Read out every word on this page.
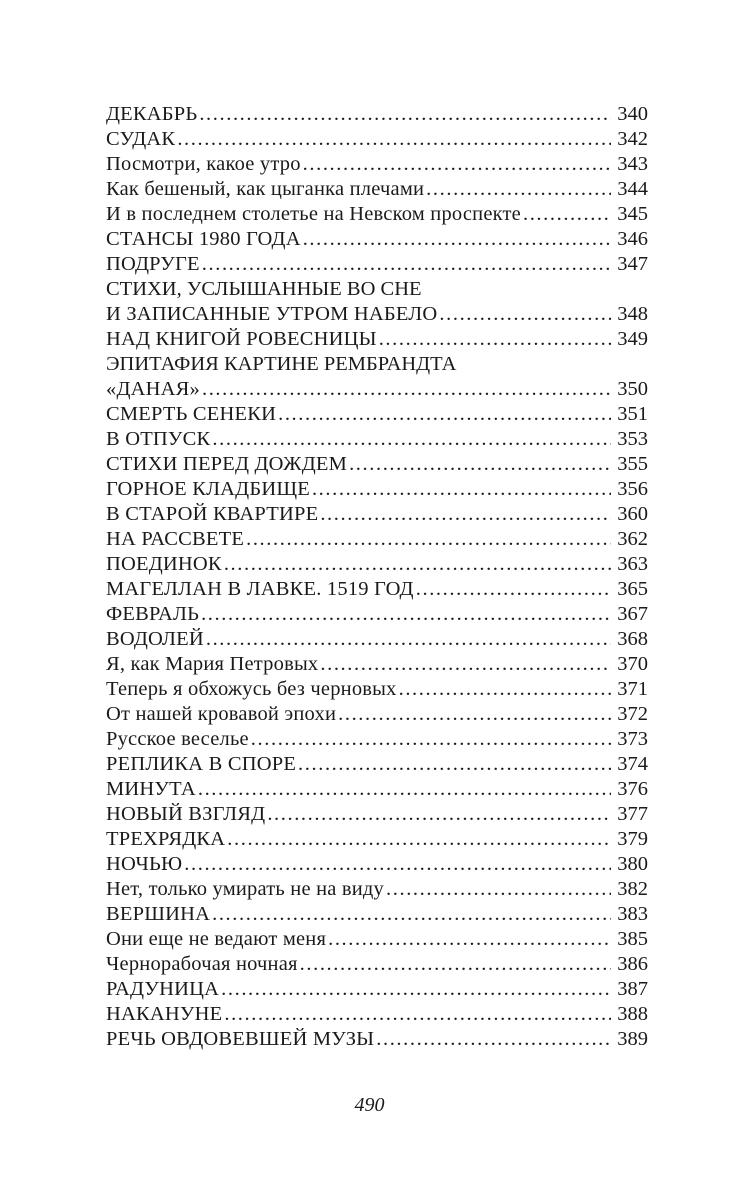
ДЕКАБРЬ .....	340
СУДАК .....	342
Посмотри, какое утро .....	343
Как бешеный, как цыганка плечами .....	344
И в последнем столетье на Невском проспекте .....	345
СТАНСЫ 1980 ГОДА .....	346
ПОДРУГЕ .....	347
СТИХИ, УСЛЫШАННЫЕ ВО СНЕ
И ЗАПИСАННЫЕ УТРОМ НАБЕЛО .....	348
НАД КНИГОЙ РОВЕСНИЦЫ .....	349
ЭПИТАФИЯ КАРТИНЕ РЕМБРАНДТА
«ДАНАЯ» .....	350
СМЕРТЬ СЕНЕКИ .....	351
В ОТПУСК .....	353
СТИХИ ПЕРЕД ДОЖДЕМ .....	355
ГОРНОЕ КЛАДБИЩЕ .....	356
В СТАРОЙ КВАРТИРЕ .....	360
НА РАССВЕТЕ .....	362
ПОЕДИНОК .....	363
МАГЕЛЛАН В ЛАВКЕ. 1519 ГОД .....	365
ФЕВРАЛЬ .....	367
ВОДОЛЕЙ .....	368
Я, как Мария Петровых .....	370
Теперь я обхожусь без черновых .....	371
От нашей кровавой эпохи .....	372
Русское веселье .....	373
РЕПЛИКА В СПОРЕ .....	374
МИНУТА .....	376
НОВЫЙ ВЗГЛЯД .....	377
ТРЕХРЯДКА .....	379
НОЧЬЮ .....	380
Нет, только умирать не на виду .....	382
ВЕРШИНА .....	383
Они еще не ведают меня .....	385
Чернорабочая ночная .....	386
РАДУНИЦА .....	387
НАКАНУНЕ .....	388
РЕЧЬ ОВДОВЕВШЕЙ МУЗЫ .....	389
490
